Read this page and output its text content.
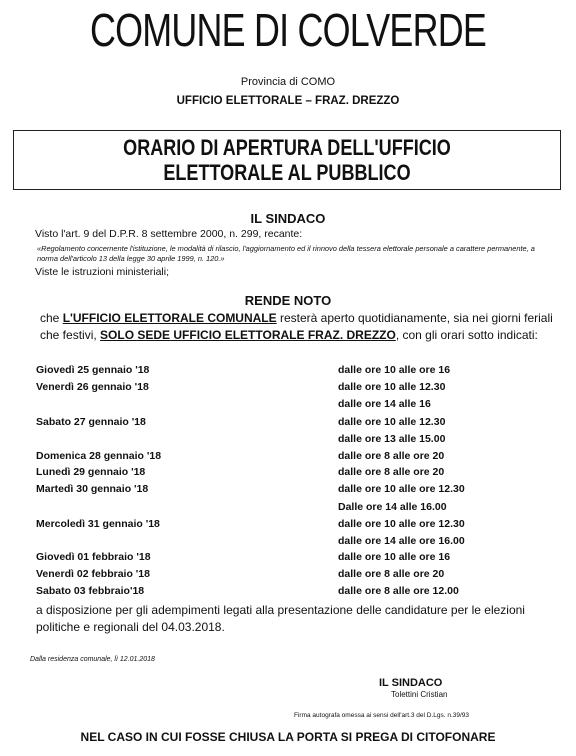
COMUNE DI COLVERDE
Provincia di COMO
UFFICIO ELETTORALE – FRAZ. DREZZO
ORARIO DI APERTURA DELL'UFFICIO ELETTORALE AL PUBBLICO
IL SINDACO
Visto l'art. 9 del D.P.R. 8 settembre 2000, n. 299, recante:
«Regolamento concernente l'istituzione, le modalità di rilascio, l'aggiornamento ed il rinnovo della tessera elettorale personale a carattere permanente, a norma dell'articolo 13 della legge 30 aprile 1999, n. 120.»
Viste le istruzioni ministeriali;
RENDE NOTO
che L'UFFICIO ELETTORALE COMUNALE resterà aperto quotidianamente, sia nei giorni feriali
che festivi, SOLO SEDE UFFICIO ELETTORALE FRAZ. DREZZO, con gli orari sotto indicati:
Giovedì 25 gennaio '18
Venerdì 26 gennaio '18
Sabato 27 gennaio '18
Domenica 28 gennaio '18
Lunedì 29 gennaio '18
Martedì 30 gennaio '18
Mercoledì 31 gennaio '18
Giovedì 01 febbraio '18
Venerdì 02 febbraio '18
Sabato 03 febbraio'18
dalle ore 10 alle ore 16
dalle ore 10 alle 12.30
dalle ore 14 alle 16
dalle ore 10 alle 12.30
dalle ore 13 alle 15.00
dalle ore 8 alle ore 20
dalle ore 8 alle ore 20
dalle ore 10 alle ore 12.30
Dalle ore 14 alle 16.00
dalle ore 10 alle ore 12.30
dalle ore 14 alle ore 16.00
dalle ore 10 alle ore 16
dalle ore 8 alle ore 20
dalle ore 8 alle ore 12.00
a disposizione per gli adempimenti legati alla presentazione delle candidature per le elezioni politiche e regionali del 04.03.2018.
Dalla residenza comunale, lì 12.01.2018
IL SINDACO
Tolettini Cristian
Firma autografa omessa ai sensi dell'art.3 del D.Lgs. n.39/93
NEL CASO IN CUI FOSSE CHIUSA LA PORTA SI PREGA DI CITOFONARE
